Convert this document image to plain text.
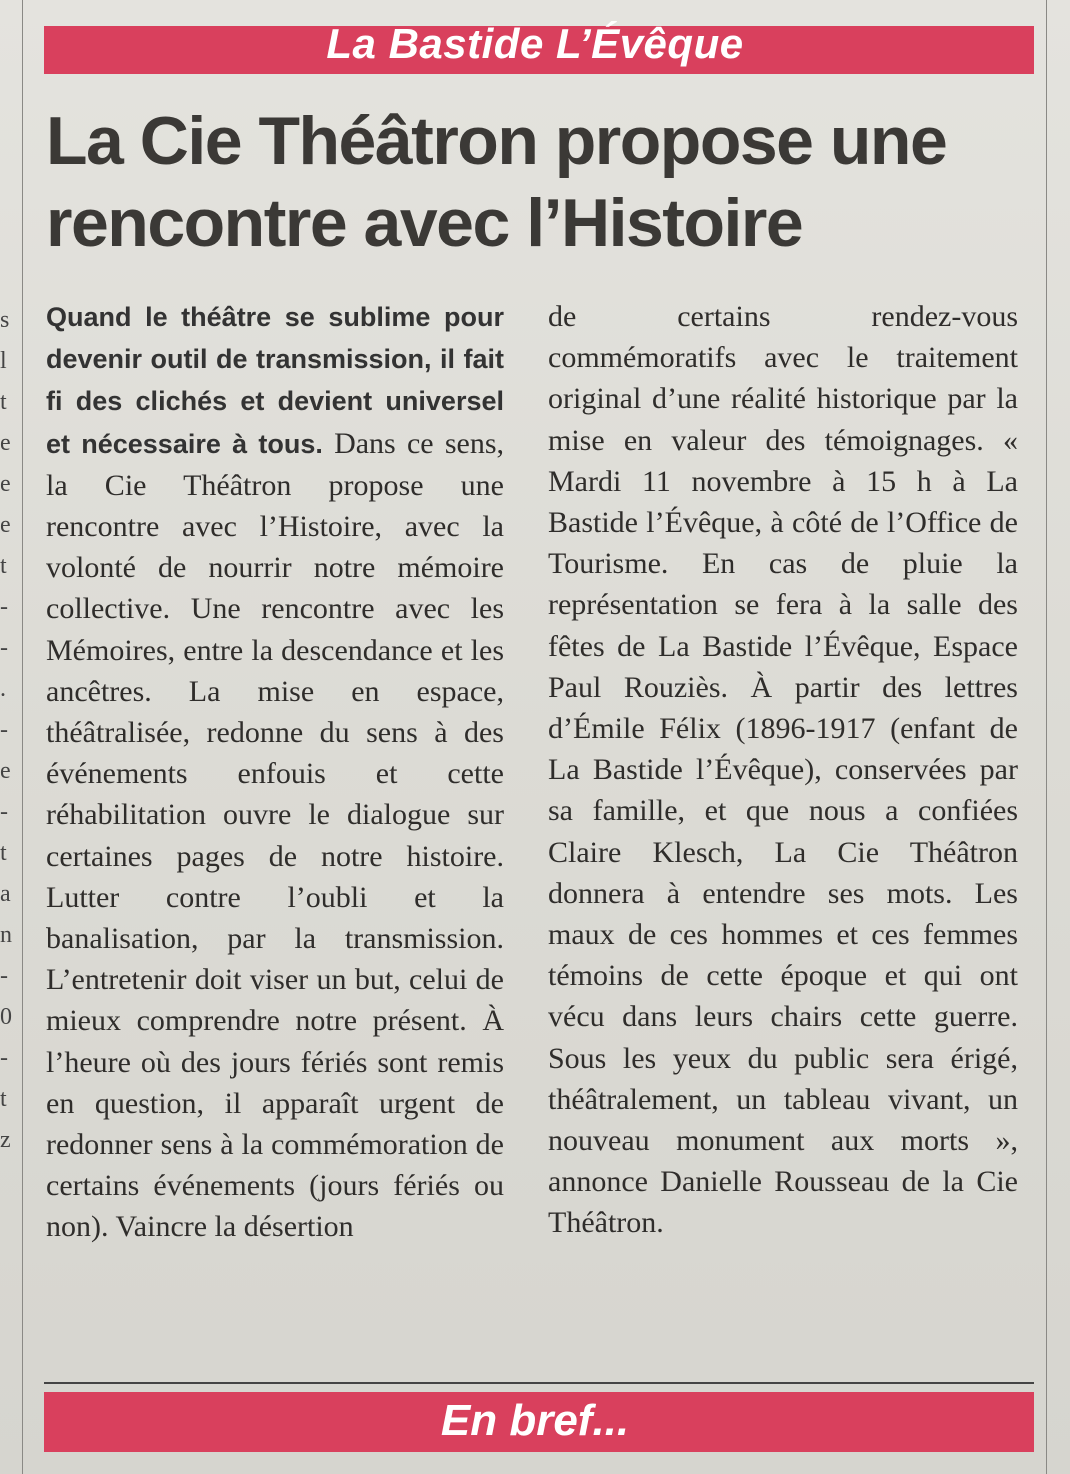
s
l
t
e
e
e
t
-
-
.
-
e
-
t
a
n
-
0
-
t
z
La Bastide L’Évêque
La Cie Théâtron propose une rencontre avec l’Histoire

Quand le théâtre se sublime pour devenir outil de transmission, il fait fi des clichés et devient universel et nécessaire à tous. Dans ce sens, la Cie Théâtron propose une rencontre avec l’Histoire, avec la volonté de nourrir notre mémoire collective. Une rencontre avec les Mémoires, entre la descendance et les ancêtres. La mise en espace, théâtralisée, redonne du sens à des événements enfouis et cette réhabilitation ouvre le dialogue sur certaines pages de notre histoire. Lutter contre l’oubli et la banalisation, par la transmission. L’entretenir doit viser un but, celui de mieux comprendre notre présent. À l’heure où des jours fériés sont remis en question, il apparaît urgent de redonner sens à la commémoration de certains événements (jours fériés ou non). Vaincre la désertion

de certains rendez-vous commémoratifs avec le traitement original d’une réalité historique par la mise en valeur des témoignages. « Mardi 11 novembre à 15 h à La Bastide l’Évêque, à côté de l’Office de Tourisme. En cas de pluie la représentation se fera à la salle des fêtes de La Bastide l’Évêque, Espace Paul Rouziès. À partir des lettres d’Émile Félix (1896-1917 (enfant de La Bastide l’Évêque), conservées par sa famille, et que nous a confiées Claire Klesch, La Cie Théâtron donnera à entendre ses mots. Les maux de ces hommes et ces femmes témoins de cette époque et qui ont vécu dans leurs chairs cette guerre. Sous les yeux du public sera érigé, théâtralement, un tableau vivant, un nouveau monument aux morts », annonce Danielle Rousseau de la Cie Théâtron.

En bref...
